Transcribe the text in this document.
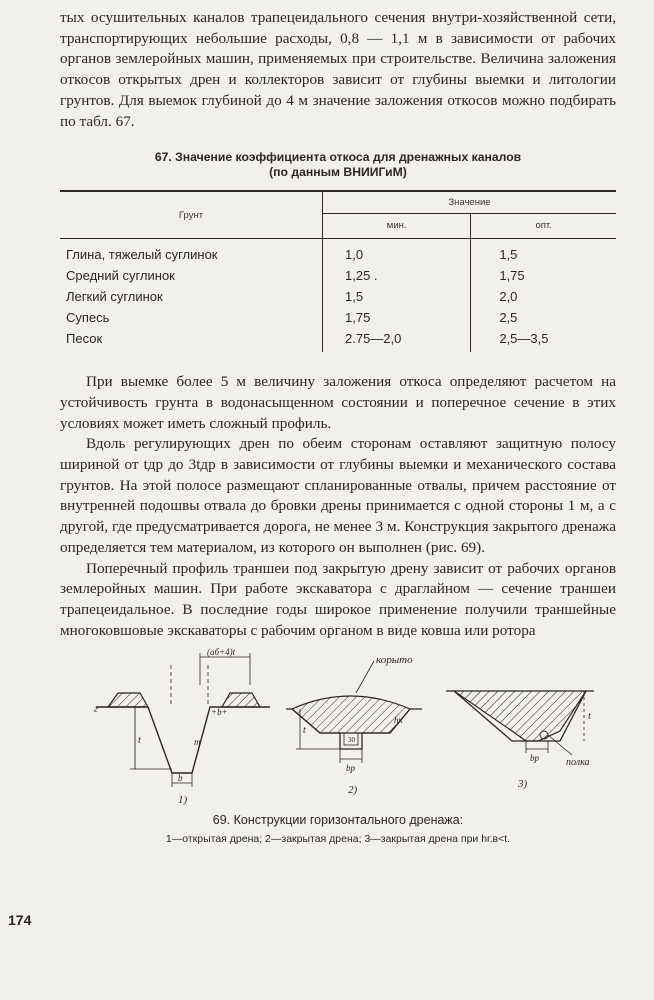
тых осушительных каналов трапецеидального сечения внутри-хозяйственной сети, транспортирующих небольшие расходы, 0,8 — 1,1 м в зависимости от рабочих органов землеройных машин, применяемых при строительстве. Величина заложения откосов открытых дрен и коллекторов зависит от глубины выемки и литологии грунтов. Для выемок глубиной до 4 м значение заложения откосов можно подбирать по табл. 67.

67. Значение коэффициента откоса для дренажных каналов
(по данным ВНИИГиМ)
Грунт	Значение	
	мин.	опт.
Глина, тяжелый суглинок	1,0	1,5
Средний суглинок	1,25 .	1,75
Легкий суглинок	1,5	2,0
Супесь	1,75	2,5
Песок	2.75—2,0	2,5—3,5

При выемке более 5 м величину заложения откоса определяют расчетом на устойчивость грунта в водонасыщенном состоянии и поперечное сечение в этих условиях может иметь сложный профиль.

Вдоль регулирующих дрен по обеим сторонам оставляют защитную полосу шириной от tдр до 3tдр в зависимости от глубины выемки и механического состава грунтов. На этой полосе размещают спланированные отвалы, причем расстояние от внутренней подошвы отвала до бровки дрены принимается с одной стороны 1 м, а с другой, где предусматривается дорога, не менее 3 м. Конструкция закрытого дренажа определяется тем материалом, из которого он выполнен (рис. 69).

Поперечный профиль траншеи под закрытую дрену зависит от рабочих органов землеройных машин. При работе экскаватора с драглайном — сечение траншеи трапецеидальное. В последние годы широкое применение получили траншейные многоковшовые экскаваторы с рабочим органом в виде ковша или ротора

(aб+4)t
г
t
b
m
+b+
1)
корыто
hк
t
bр
30
2)
t
bр	полка
3)
69. Конструкции горизонтального дренажа:
1—открытая дрена; 2—закрытая дрена; 3—закрытая дрена при hг.в<t.
174
